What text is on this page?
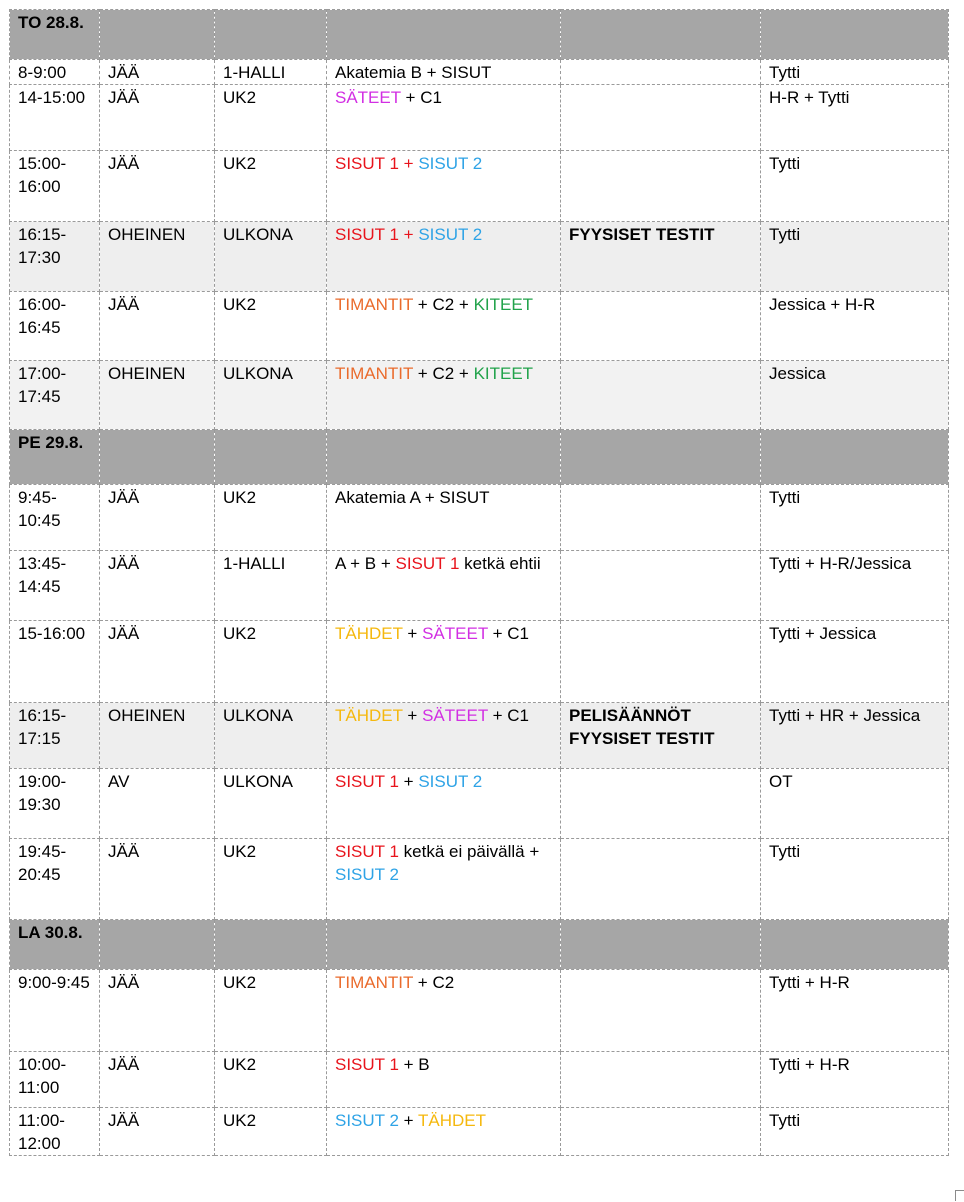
TO 28.8.					
8-9:00	JÄÄ	1-HALLI	Akatemia B + SISUT		Tytti
14-15:00	JÄÄ	UK2	SÄTEET + C1		H-R + Tytti
15:00-16:00	JÄÄ	UK2	SISUT 1 + SISUT 2		Tytti
16:15-17:30	OHEINEN	ULKONA	SISUT 1 + SISUT 2	FYYSISET TESTIT	Tytti
16:00-16:45	JÄÄ	UK2	TIMANTIT + C2 + KITEET		Jessica + H-R
17:00-17:45	OHEINEN	ULKONA	TIMANTIT + C2 + KITEET		Jessica
PE 29.8.					
9:45-10:45	JÄÄ	UK2	Akatemia A + SISUT		Tytti
13:45-14:45	JÄÄ	1-HALLI	A + B + SISUT 1 ketkä ehtii		Tytti + H-R/Jessica
15-16:00	JÄÄ	UK2	TÄHDET + SÄTEET + C1		Tytti + Jessica
16:15-17:15	OHEINEN	ULKONA	TÄHDET + SÄTEET + C1	PELISÄÄNNÖT FYYSISET TESTIT	Tytti + HR + Jessica
19:00-19:30	AV	ULKONA	SISUT 1 + SISUT 2		OT
19:45-20:45	JÄÄ	UK2	SISUT 1 ketkä ei päivällä + SISUT 2		Tytti
LA 30.8.					
9:00-9:45	JÄÄ	UK2	TIMANTIT + C2		Tytti + H-R
10:00-11:00	JÄÄ	UK2	SISUT 1 + B		Tytti + H-R
11:00-12:00	JÄÄ	UK2	SISUT 2 + TÄHDET		Tytti
